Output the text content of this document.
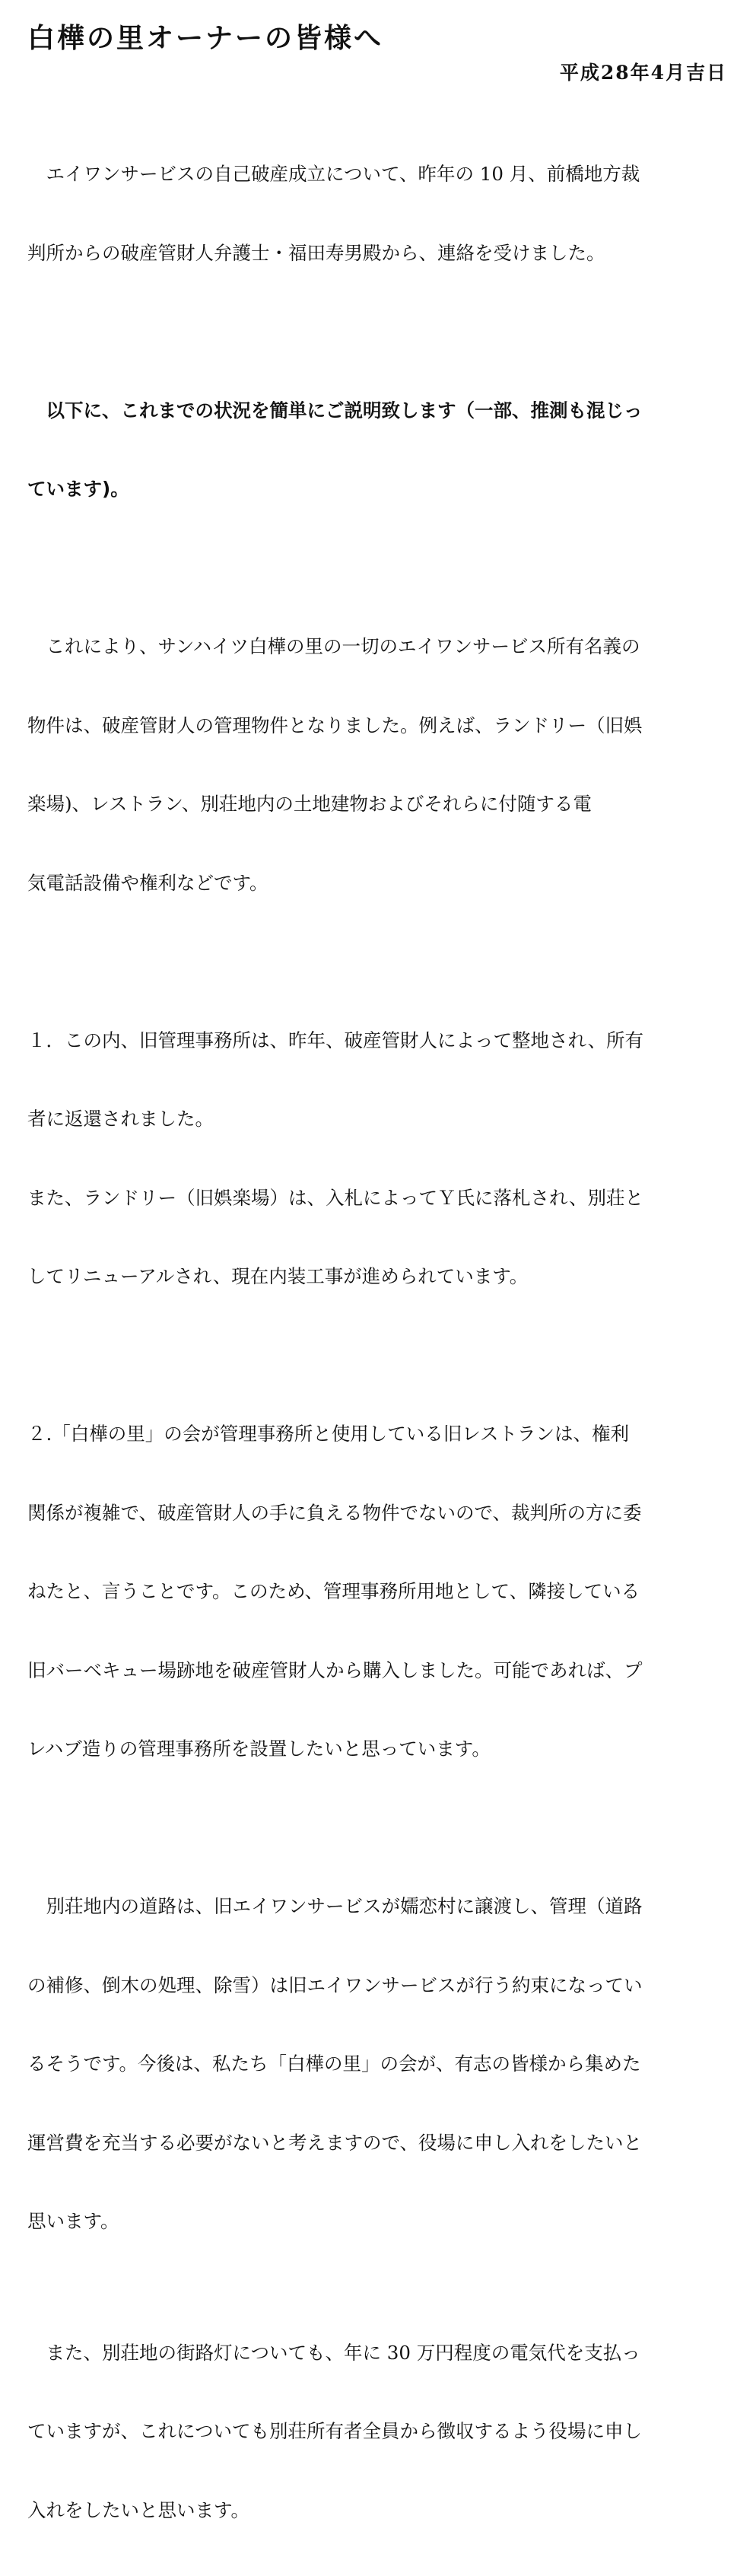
白樺の里オーナーの皆様へ
平成28年4月吉日

　エイワンサービスの自己破産成立について、昨年の 10 月、前橋地方裁

判所からの破産管財人弁護士・福田寿男殿から、連絡を受けました。

　以下に、これまでの状況を簡単にご説明致します（一部、推測も混じっ

ています)。

　これにより、サンハイツ白樺の里の一切のエイワンサービス所有名義の

物件は、破産管財人の管理物件となりました。例えば、ランドリー（旧娯

楽場)、レストラン、別荘地内の土地建物およびそれらに付随する電

気電話設備や権利などです。

１．この内、旧管理事務所は、昨年、破産管財人によって整地され、所有

者に返還されました。

また、ランドリー（旧娯楽場）は、入札によってＹ氏に落札され、別荘と

してリニューアルされ、現在内装工事が進められています。

２.「白樺の里」の会が管理事務所と使用している旧レストランは、権利

関係が複雑で、破産管財人の手に負える物件でないので、裁判所の方に委

ねたと、言うことです。このため、管理事務所用地として、隣接している

旧バーベキュー場跡地を破産管財人から購入しました。可能であれば、プ

レハブ造りの管理事務所を設置したいと思っています。

　別荘地内の道路は、旧エイワンサービスが嬬恋村に譲渡し、管理（道路

の補修、倒木の処理、除雪）は旧エイワンサービスが行う約束になってい

るそうです。今後は、私たち「白樺の里」の会が、有志の皆様から集めた

運営費を充当する必要がないと考えますので、役場に申し入れをしたいと

思います。

　また、別荘地の街路灯についても、年に 30 万円程度の電気代を支払っ

ていますが、これについても別荘所有者全員から徴収するよう役場に申し

入れをしたいと思います。
